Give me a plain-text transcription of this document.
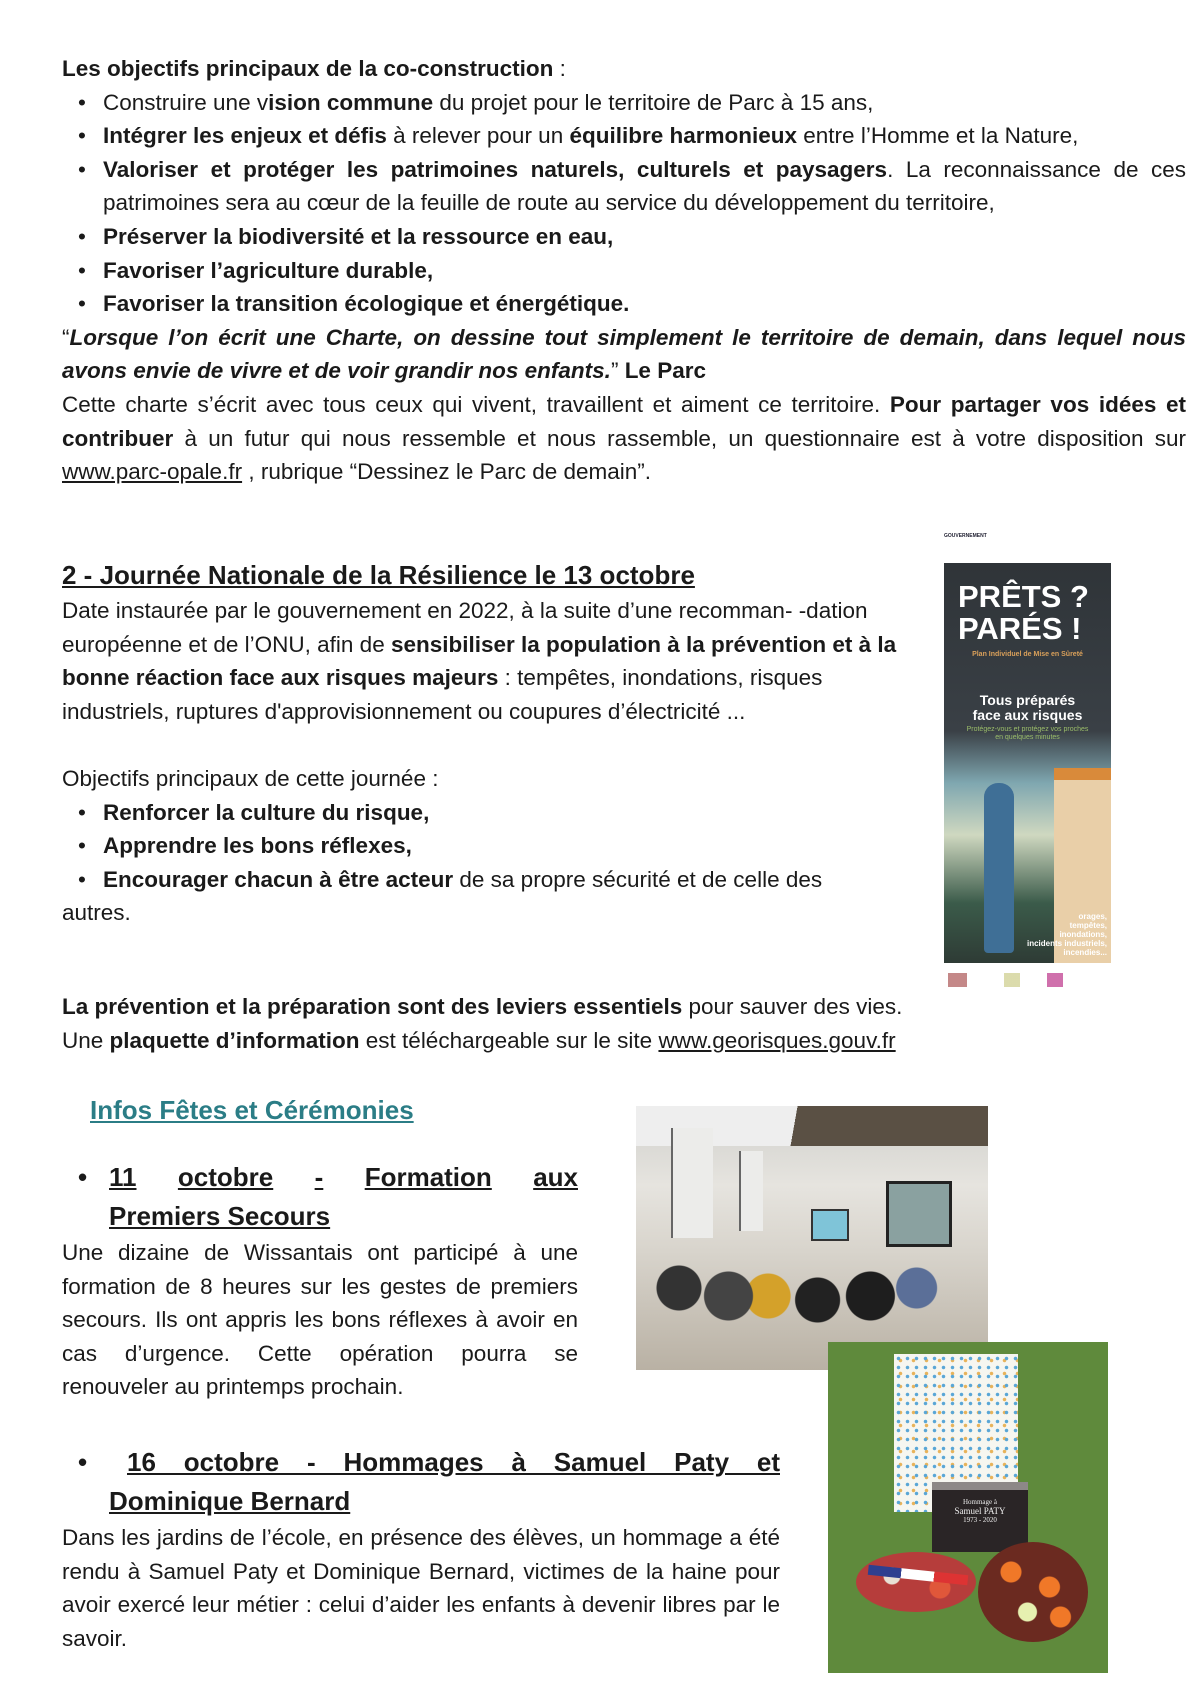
Les objectifs principaux de la co-construction :

• Construire une vision commune du projet pour le territoire de Parc à 15 ans,
• Intégrer les enjeux et défis à relever pour un équilibre harmonieux entre l’Homme et la Nature,
• Valoriser et protéger les patrimoines naturels, culturels et paysagers. La reconnaissance de ces patrimoines sera au cœur de la feuille de route au service du développement du territoire,
• Préserver la biodiversité et la ressource en eau,
• Favoriser l’agriculture durable,
• Favoriser la transition écologique et énergétique.

“Lorsque l’on écrit une Charte, on dessine tout simplement le territoire de demain, dans lequel nous avons envie de vivre et de voir grandir nos enfants.” Le Parc

Cette charte s’écrit avec tous ceux qui vivent, travaillent et aiment ce territoire. Pour partager vos idées et contribuer à un futur qui nous ressemble et nous rassemble, un questionnaire est à votre disposition sur www.parc-opale.fr , rubrique “Dessinez le Parc de demain”.

2 - Journée Nationale de la Résilience le 13 octobre

Date instaurée par le gouvernement en 2022, à la suite d’une recomman- -dation européenne et de l’ONU, afin de sensibiliser la population à la prévention et à la bonne réaction face aux risques majeurs : tempêtes, inondations, risques industriels, ruptures d'approvisionnement ou coupures d’électricité ...

Objectifs principaux de cette journée :

• Renforcer la culture du risque,
• Apprendre les bons réflexes,
• Encourager chacun à être acteur de sa propre sécurité et de celle des

autres.

La prévention et la préparation sont des leviers essentiels pour sauver des vies.

Une plaquette d’information est téléchargeable sur le site www.georisques.gouv.fr

GOUVERNEMENT
PRÊTS ?
PARÉS !
Plan Individuel de Mise en Sûreté
Tous préparés
face aux risques
Protégez-vous et protégez vos proches en quelques minutes
orages,
tempêtes,
inondations,
incidents industriels,
incendies...
Infos Fêtes et Cérémonies
• 11 octobre - Formation aux
Premiers Secours

Une dizaine de Wissantais ont participé à une formation de 8 heures sur les gestes de premiers secours. Ils ont appris les bons réflexes à avoir en cas d’urgence. Cette opération pourra se renouveler au printemps prochain.

•	16 octobre - Hommages à Samuel Paty et
Dominique Bernard

Dans les jardins de l’école, en présence des élèves, un hommage a été rendu à Samuel Paty et Dominique Bernard, victimes de la haine pour avoir exercé leur métier : celui d’aider les enfants à devenir libres par le savoir.

Hommage à
Samuel PATY
1973 - 2020
